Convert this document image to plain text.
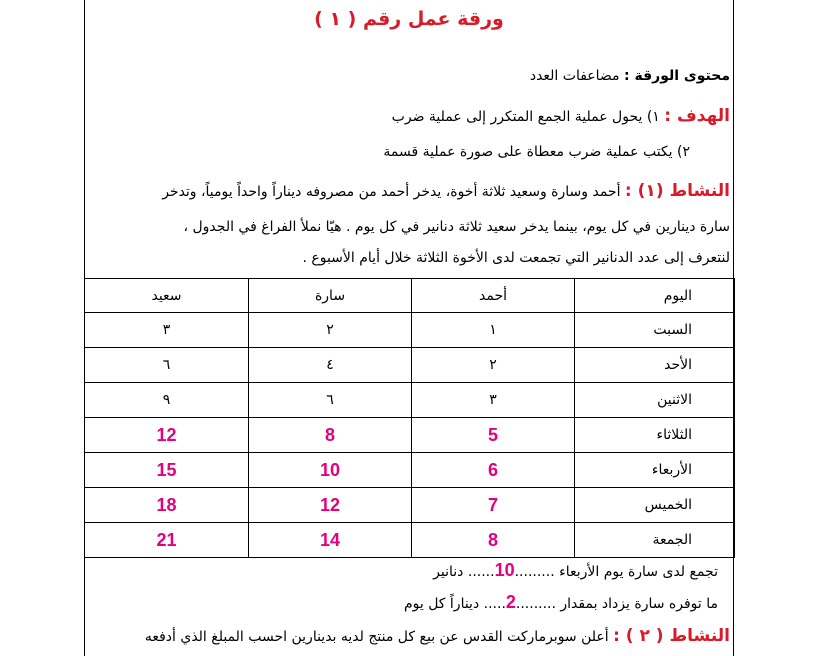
ورقة عمل رقم ( ١ )
محتوى الورقة : مضاعفات العدد
الهدف : ١) يحول عملية الجمع المتكرر إلى عملية ضرب
٢) يكتب عملية ضرب معطاة على صورة عملية قسمة
النشاط (١) : أحمد وسارة وسعيد ثلاثة أخوة، يدخر أحمد من مصروفه ديناراً واحداً يومياً، وتدخر
سارة دينارين في كل يوم، بينما يدخر سعيد ثلاثة دنانير في كل يوم . هيّا نملأ الفراغ في الجدول ،
لنتعرف إلى عدد الدنانير التي تجمعت لدى الأخوة الثلاثة خلال أيام الأسبوع .
اليوم	أحمد	سارة	سعيد
السبت	١	٢	٣
الأحد	٢	٤	٦
الاثنين	٣	٦	٩
الثلاثاء	5	8	12
الأربعاء	6	10	15
الخميس	7	12	18
الجمعة	8	14	21
تجمع لدى سارة يوم الأربعاء .........10...... دنانير
ما توفره سارة يزداد بمقدار .........2..... ديناراً كل يوم
النشاط ( ٢ ) : أعلن سوبرماركت القدس عن بيع كل منتج لديه بدينارين احسب المبلغ الذي أدفعه
